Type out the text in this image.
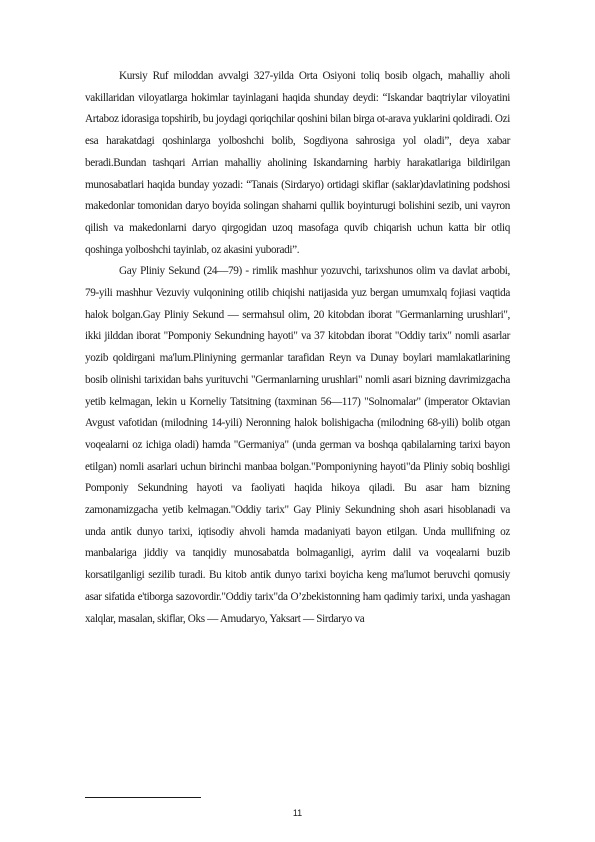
Kursiy Ruf miloddan avvalgi 327-yilda Orta Osiyoni toliq bosib olgach, mahalliy aholi vakillaridan viloyatlarga hokimlar tayinlagani haqida shunday deydi: “Iskandar baqtriylar viloyatini Artaboz idorasiga topshirib, bu joydagi qoriqchilar qoshini bilan birga ot-arava yuklarini qoldiradi. Ozi esa harakatdagi qoshinlarga yolboshchi bolib, Sogdiyona sahrosiga yol oladi”, deya xabar beradi.Bundan tashqari Arrian mahalliy aholining Iskandarning harbiy harakatlariga bildirilgan munosabatlari haqida bunday yozadi: “Tanais (Sirdaryo) ortidagi skiflar (saklar)davlatining podshosi makedonlar tomonidan daryo boyida solingan shaharni qullik boyinturugi bolishini sezib, uni vayron qilish va makedonlarni daryo qirgogidan uzoq masofaga quvib chiqarish uchun katta bir otliq qoshinga yolboshchi tayinlab, oz akasini yuboradi”.

Gay Pliniy Sekund (24—79) - rimlik mashhur yozuvchi, tarixshunos olim va davlat arbobi, 79-yili mashhur Vezuviy vulqonining otilib chiqishi natijasida yuz bergan umumxalq fojiasi vaqtida halok bolgan.Gay Pliniy Sekund — sermahsul olim, 20 kitobdan iborat "Germanlarning urushlari", ikki jilddan iborat "Pomponiy Sekundning hayoti" va 37 kitobdan iborat "Oddiy tarix" nomli asarlar yozib qoldirgani ma'lum.Pliniyning germanlar tarafidan Reyn va Dunay boylari mamlakatlarining bosib olinishi tarixidan bahs yurituvchi "Germanlarning urushlari" nomli asari bizning davrimizgacha yetib kelmagan, lekin u Korneliy Tatsitning (taxminan 56—117) "Solnomalar" (imperator Oktavian Avgust vafotidan (milodning 14-yili) Neronning halok bolishigacha (milodning 68-yili) bolib otgan voqealarni oz ichiga oladi) hamda "Germaniya" (unda german va boshqa qabilalarning tarixi bayon etilgan) nomli asarlari uchun birinchi manbaa bolgan."Pomponiyning hayoti"da Pliniy sobiq boshligi Pomponiy Sekundning hayoti va faoliyati haqida hikoya qiladi. Bu asar ham bizning zamonamizgacha yetib kelmagan."Oddiy tarix" Gay Pliniy Sekundning shoh asari hisoblanadi va unda antik dunyo tarixi, iqtisodiy ahvoli hamda madaniyati bayon etilgan. Unda mullifning oz manbalariga jiddiy va tanqidiy munosabatda bolmaganligi, ayrim dalil va voqealarni buzib korsatilganligi sezilib turadi. Bu kitob antik dunyo tarixi boyicha keng ma'lumot beruvchi qomusiy asar sifatida e'tiborga sazovordir."Oddiy tarix"da O’zbekistonning ham qadimiy tarixi, unda yashagan xalqlar, masalan, skiflar, Oks — Amudaryo, Yaksart — Sirdaryo va

11
